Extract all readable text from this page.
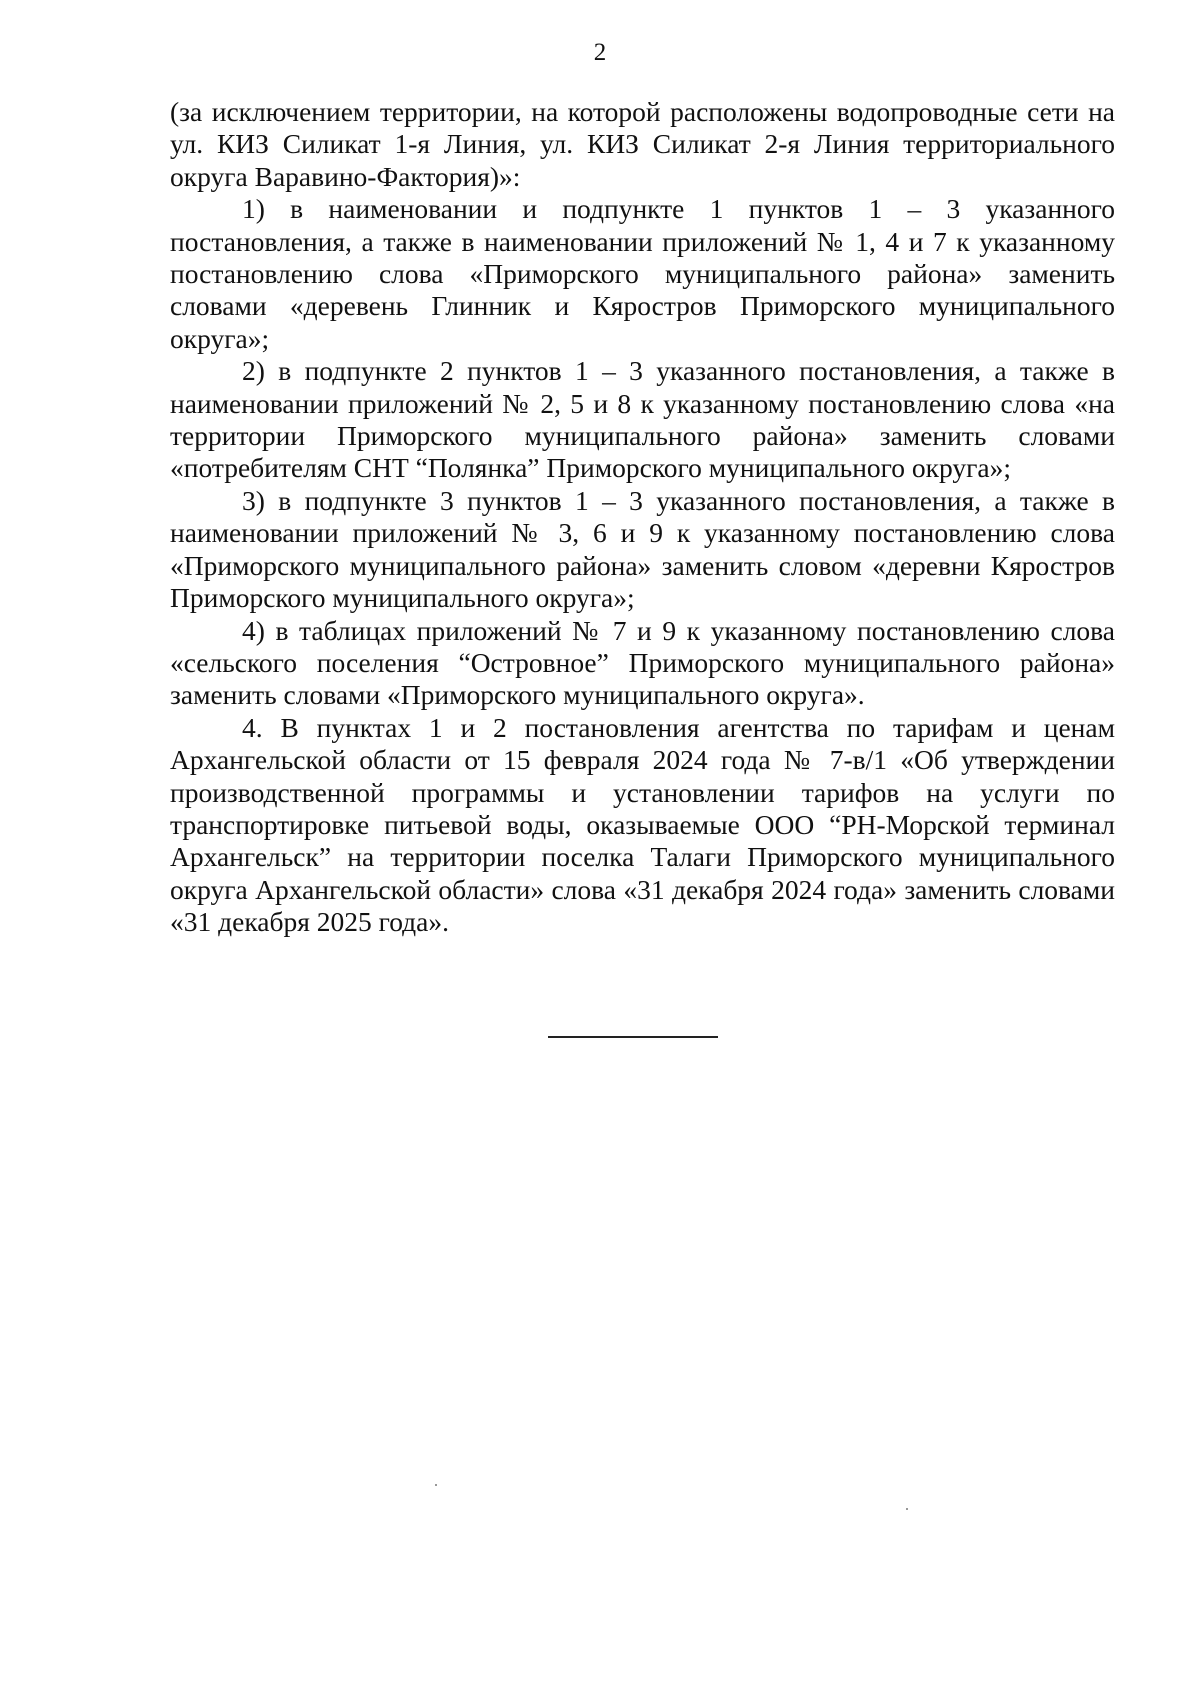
2

(за исключением территории, на которой расположены водопроводные сети на ул. КИЗ Силикат 1-я Линия, ул. КИЗ Силикат 2-я Линия территориального округа Варавино-Фактория)»:

1) в наименовании и подпункте 1 пунктов 1 – 3 указанного постановления, а также в наименовании приложений № 1, 4 и 7 к указанному постановлению слова «Приморского муниципального района» заменить словами «деревень Глинник и Кяростров Приморского муниципального округа»;

2) в подпункте 2 пунктов 1 – 3 указанного постановления, а также в наименовании приложений № 2, 5 и 8 к указанному постановлению слова «на территории Приморского муниципального района» заменить словами «потребителям СНТ “Полянка” Приморского муниципального округа»;

3) в подпункте 3 пунктов 1 – 3 указанного постановления, а также в наименовании приложений № 3, 6 и 9 к указанному постановлению слова «Приморского муниципального района» заменить словом «деревни Кяростров Приморского муниципального округа»;

4) в таблицах приложений № 7 и 9 к указанному постановлению слова «сельского поселения “Островное” Приморского муниципального района» заменить словами «Приморского муниципального округа».

4. В пунктах 1 и 2 постановления агентства по тарифам и ценам Архангельской области от 15 февраля 2024 года № 7-в/1 «Об утверждении производственной программы и установлении тарифов на услуги по транспортировке питьевой воды, оказываемые ООО “РН-Морской терминал Архангельск” на территории поселка Талаги Приморского муниципального округа Архангельской области» слова «31 декабря 2024 года» заменить словами «31 декабря 2025 года».
